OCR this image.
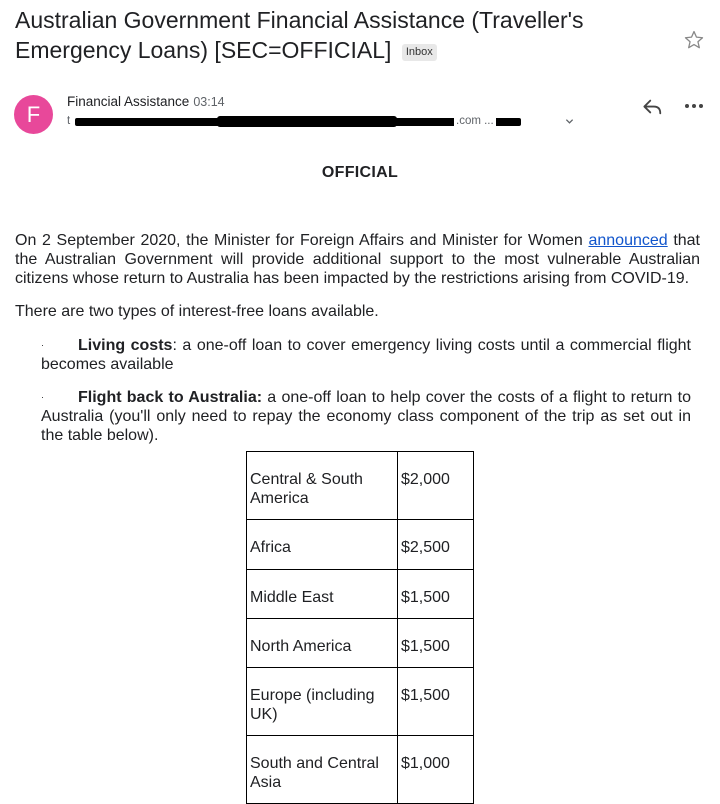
Australian Government Financial Assistance (Traveller's Emergency Loans) [SEC=OFFICIAL] Inbox
F
Financial Assistance 03:14
t	.com ...
OFFICIAL

On 2 September 2020, the Minister for Foreign Affairs and Minister for Women announced that the Australian Government will provide additional support to the most vulnerable Australian citizens whose return to Australia has been impacted by the restrictions arising from COVID-19.

There are two types of interest-free loans available.

· Living costs: a one-off loan to cover emergency living costs until a commercial flight becomes available
· Flight back to Australia: a one-off loan to help cover the costs of a flight to return to Australia (you'll only need to repay the economy class component of the trip as set out in the table below).
Central & South America	$2,000
Africa	$2,500
Middle East	$1,500
North America	$1,500
Europe (including UK)	$1,500
South and Central Asia	$1,000
